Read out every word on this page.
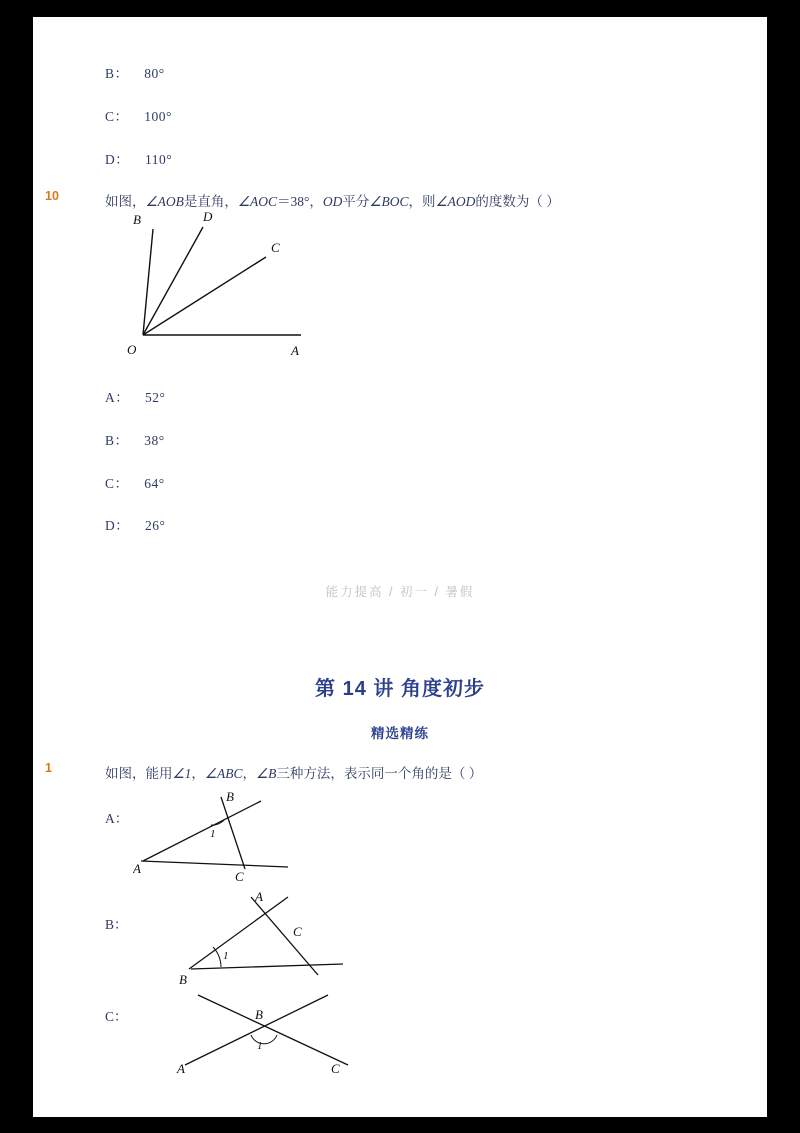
B： 80°
C： 100°
D： 110°
10	如图，∠AOB是直角，∠AOC＝38°，OD平分∠BOC，则∠AOD的度数为（ ）
B	D
C
O	A
A： 52°
B： 38°
C： 64°
D： 26°
能力提高 / 初一 / 暑假
第 14 讲 角度初步
精选精练
1	如图，能用∠1，∠ABC，∠B三种方法，表示同一个角的是（ ）
A：
B
A
C
1
B：
A
C
B
1
C：	B
A	C
1
